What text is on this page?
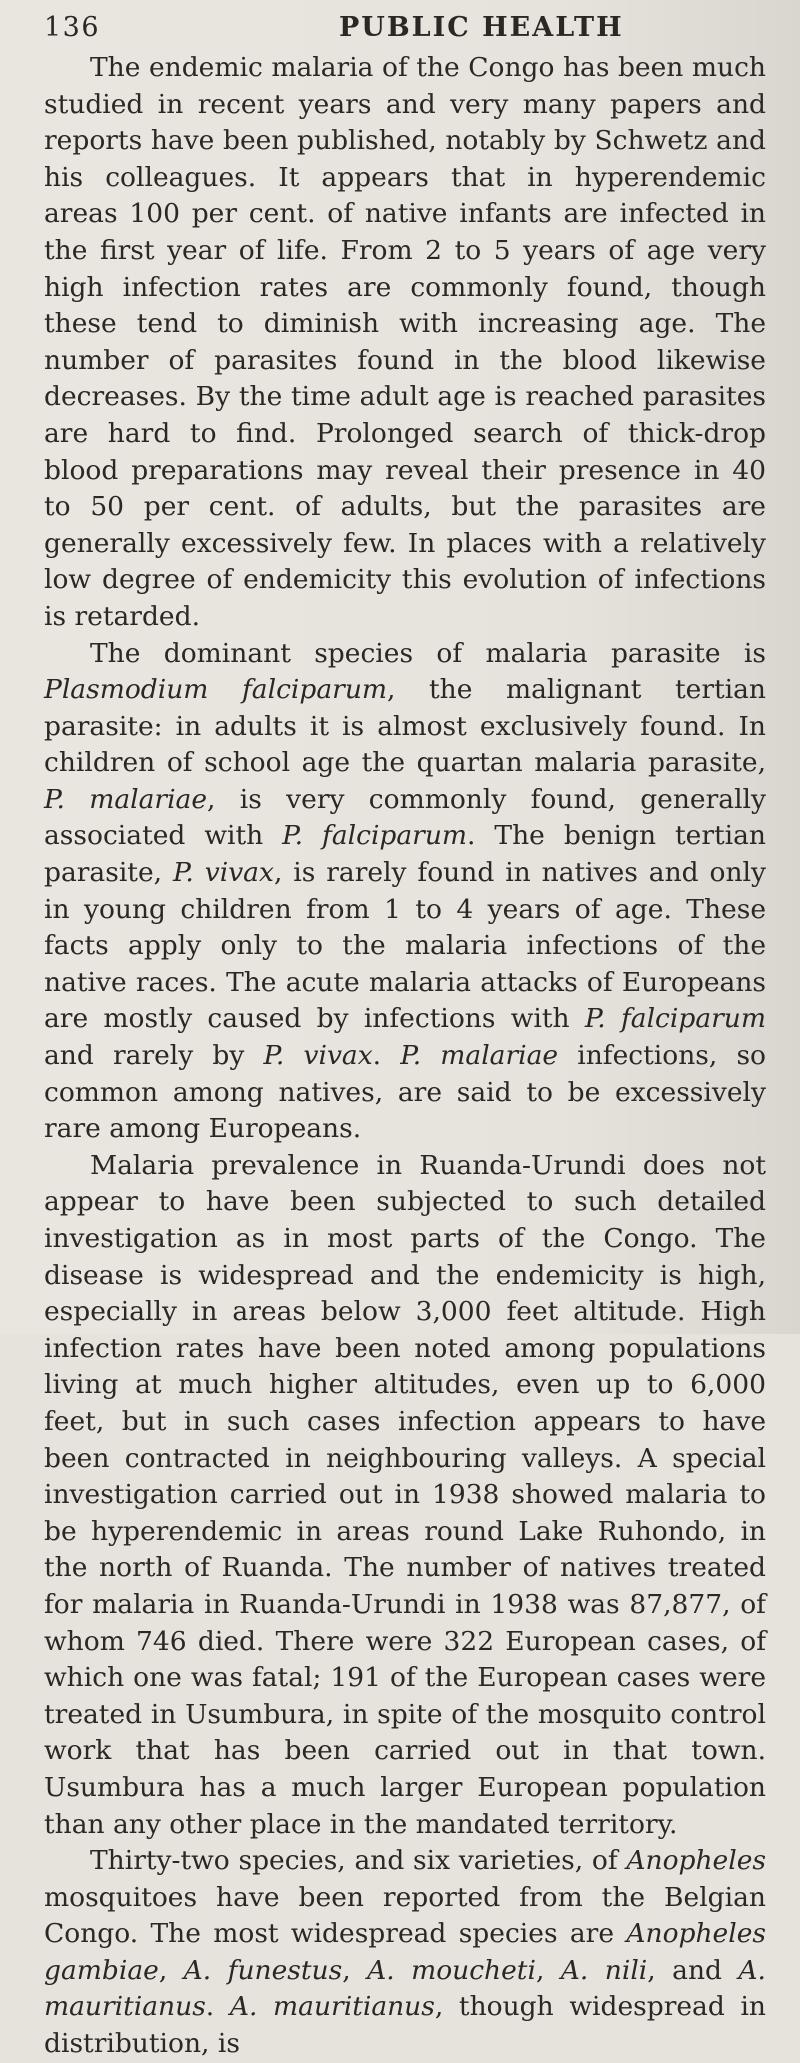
136	PUBLIC HEALTH

The endemic malaria of the Congo has been much studied in recent years and very many papers and reports have been published, notably by Schwetz and his colleagues. It appears that in hyperendemic areas 100 per cent. of native infants are infected in the first year of life. From 2 to 5 years of age very high infection rates are commonly found, though these tend to diminish with increasing age. The number of parasites found in the blood likewise decreases. By the time adult age is reached parasites are hard to find. Prolonged search of thick-drop blood preparations may reveal their presence in 40 to 50 per cent. of adults, but the parasites are generally excessively few. In places with a relatively low degree of endemicity this evolution of infections is retarded.

The dominant species of malaria parasite is Plasmodium falciparum, the malignant tertian parasite: in adults it is almost exclusively found. In children of school age the quartan malaria parasite, P. malariae, is very commonly found, generally associated with P. falciparum. The benign tertian parasite, P. vivax, is rarely found in natives and only in young children from 1 to 4 years of age. These facts apply only to the malaria infections of the native races. The acute malaria attacks of Europeans are mostly caused by infections with P. falciparum and rarely by P. vivax. P. malariae infections, so common among natives, are said to be excessively rare among Europeans.

Malaria prevalence in Ruanda-Urundi does not appear to have been subjected to such detailed investigation as in most parts of the Congo. The disease is widespread and the endemicity is high, especially in areas below 3,000 feet altitude. High infection rates have been noted among populations living at much higher altitudes, even up to 6,000 feet, but in such cases infection appears to have been contracted in neighbouring valleys. A special investigation carried out in 1938 showed malaria to be hyperendemic in areas round Lake Ruhondo, in the north of Ruanda. The number of natives treated for malaria in Ruanda-Urundi in 1938 was 87,877, of whom 746 died. There were 322 European cases, of which one was fatal; 191 of the European cases were treated in Usumbura, in spite of the mosquito control work that has been carried out in that town. Usumbura has a much larger European population than any other place in the mandated territory.

Thirty-two species, and six varieties, of Anopheles mosquitoes have been reported from the Belgian Congo. The most widespread species are Anopheles gambiae, A. funestus, A. moucheti, A. nili, and A. mauritianus. A. mauritianus, though widespread in distribution, is
